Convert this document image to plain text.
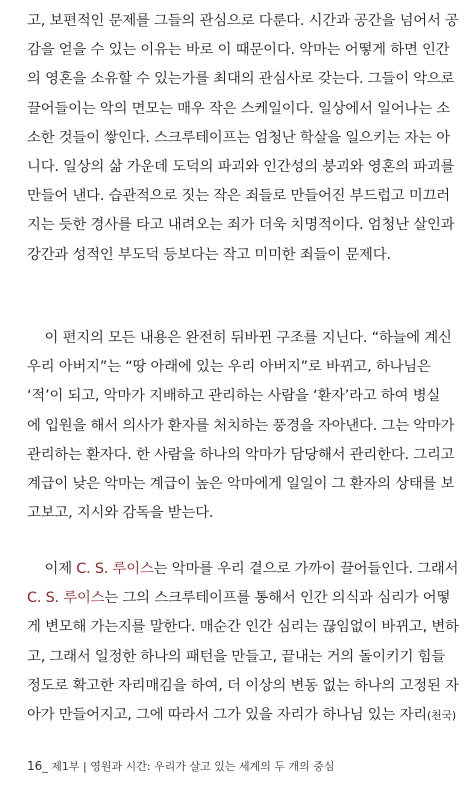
고, 보편적인 문제를 그들의 관심으로 다룬다. 시간과 공간을 넘어서 공
감을 얻을 수 있는 이유는 바로 이 때문이다. 악마는 어떻게 하면 인간
의 영혼을 소유할 수 있는가를 최대의 관심사로 갖는다. 그들이 악으로
끌어들이는 악의 면모는 매우 작은 스케일이다. 일상에서 일어나는 소
소한 것들이 쌓인다. 스크루테이프는 엄청난 학살을 일으키는 자는 아
니다. 일상의 삶 가운데 도덕의 파괴와 인간성의 붕괴와 영혼의 파괴를
만들어 낸다. 습관적으로 짓는 작은 죄들로 만들어진 부드럽고 미끄러
지는 듯한 경사를 타고 내려오는 죄가 더욱 치명적이다. 엄청난 살인과
강간과 성적인 부도덕 등보다는 작고 미미한 죄들이 문제다.
이 편지의 모든 내용은 완전히 뒤바뀐 구조를 지닌다. “하늘에 계신
우리 아버지”는 “땅 아래에 있는 우리 아버지”로 바뀌고, 하나님은
‘적’이 되고, 악마가 지배하고 관리하는 사람을 ‘환자’라고 하여 병실
에 입원을 해서 의사가 환자를 처치하는 풍경을 자아낸다. 그는 악마가
관리하는 환자다. 한 사람을 하나의 악마가 담당해서 관리한다. 그리고
계급이 낮은 악마는 계급이 높은 악마에게 일일이 그 환자의 상태를 보
고보고, 지시와 감독을 받는다.
이제 C. S. 루이스는 악마를 우리 곁으로 가까이 끌어들인다. 그래서
C. S. 루이스는 그의 스크루테이프를 통해서 인간 의식과 심리가 어떻
게 변모해 가는지를 말한다. 매순간 인간 심리는 끊임없이 바뀌고, 변하
고, 그래서 일정한 하나의 패턴을 만들고, 끝내는 거의 돌이키기 힘들
정도로 확고한 자리매김을 하여, 더 이상의 변동 없는 하나의 고정된 자
아가 만들어지고, 그에 따라서 그가 있을 자리가 하나님 있는 자리(천국)
16_ 제1부 | 영원과 시간: 우리가 살고 있는 세계의 두 개의 중심
